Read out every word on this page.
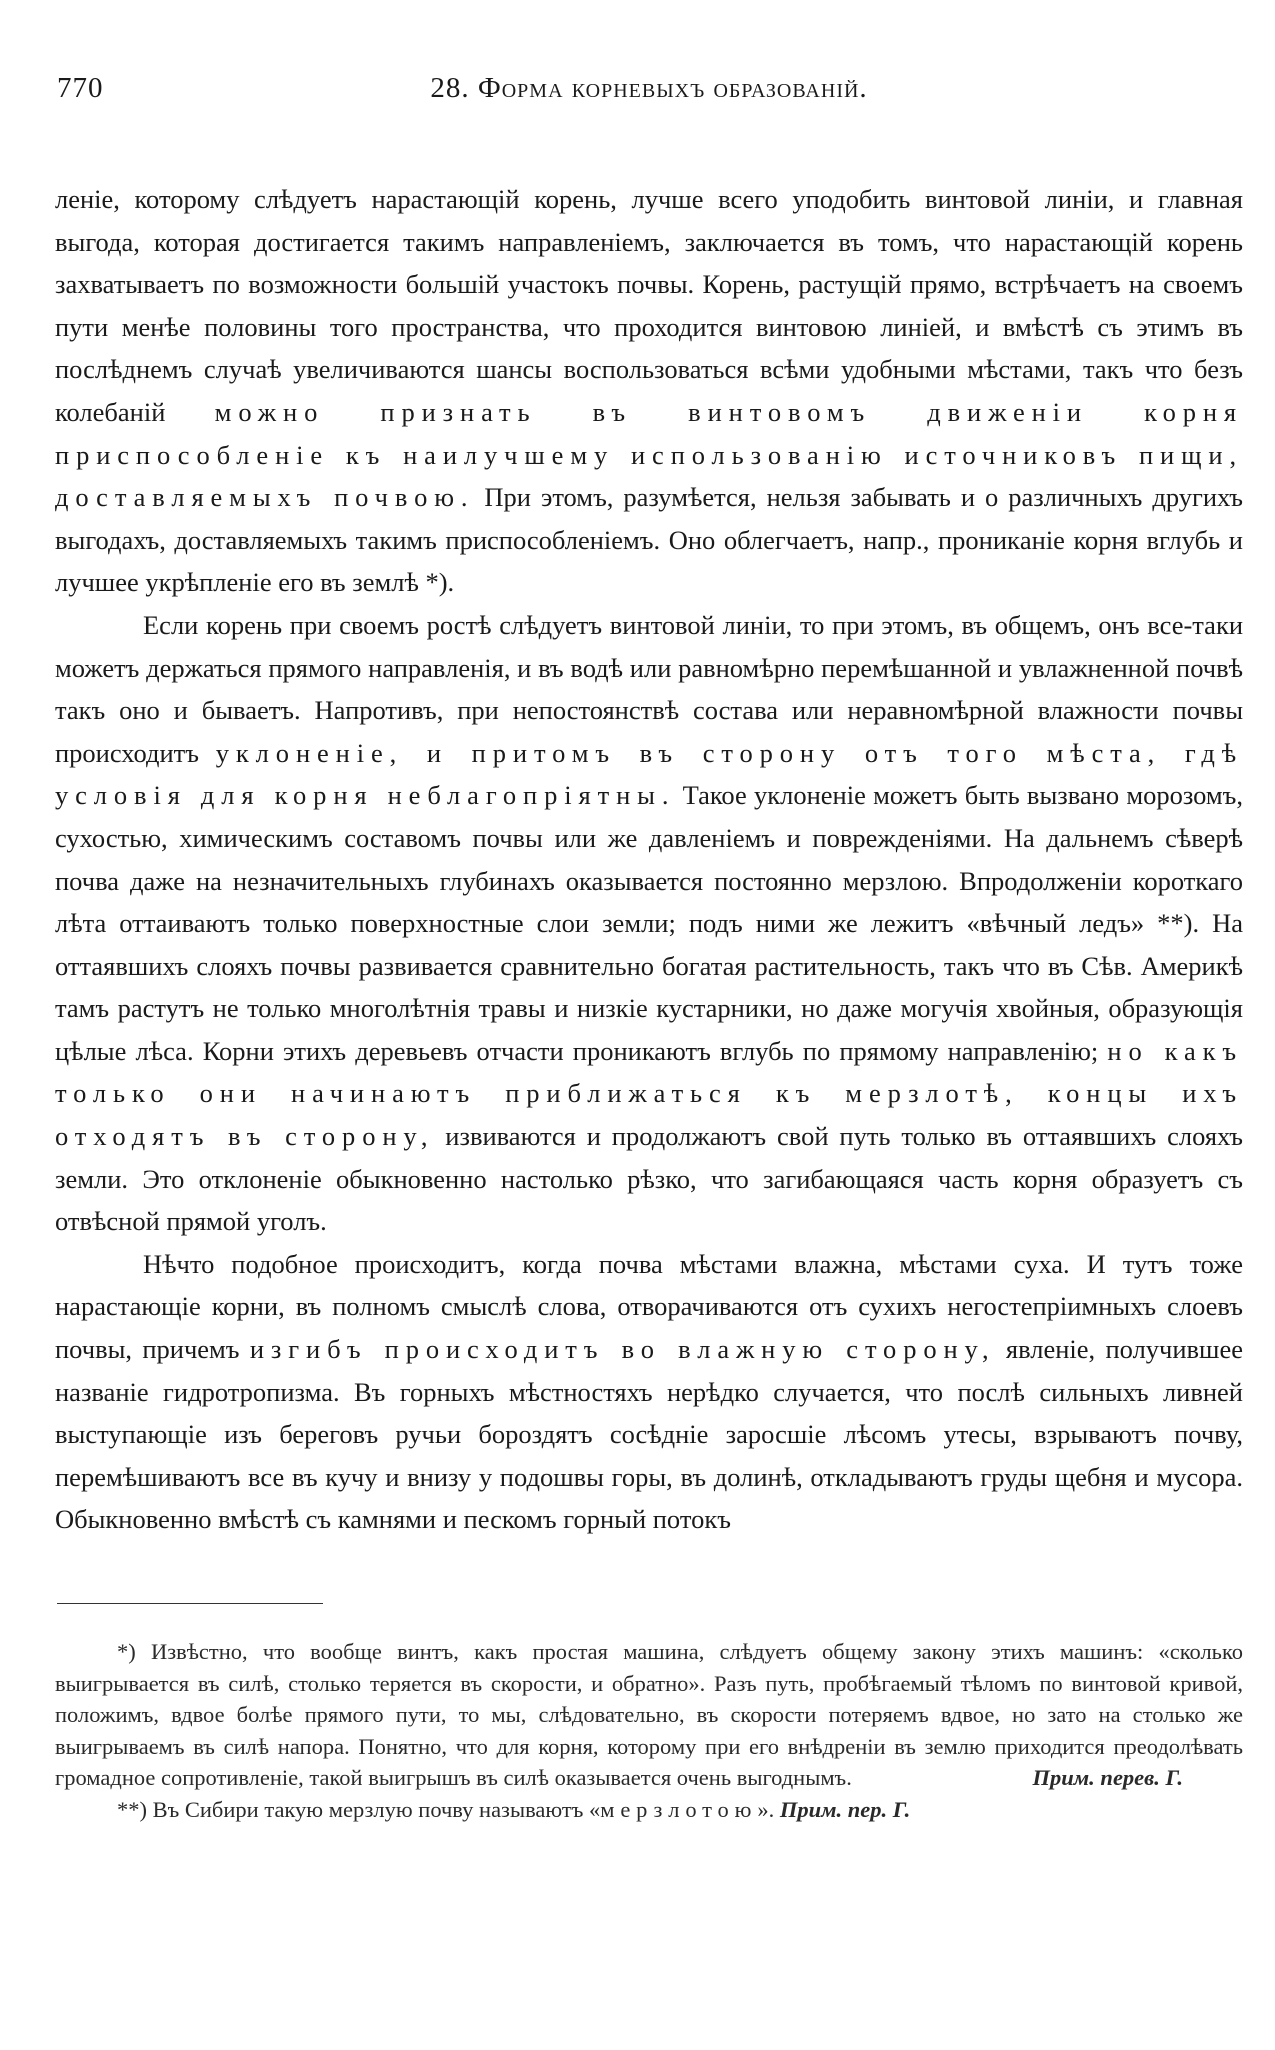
770	28. Форма корневыхъ образованій.

леніе, которому слѣдуетъ нарастающій корень, лучше всего уподобить винтовой линіи, и главная выгода, которая достигается такимъ направленіемъ, заключается въ томъ, что нарастающій корень захватываетъ по возможности большій участокъ почвы. Корень, растущій прямо, встрѣчаетъ на своемъ пути менѣе половины того пространства, что проходится винтовою линіей, и вмѣстѣ съ этимъ въ послѣднемъ случаѣ увеличиваются шансы воспользоваться всѣми удобными мѣстами, такъ что безъ колебаній можно признать въ винтовомъ движеніи корня приспособленіе къ наилучшему использованію источниковъ пищи, доставляемыхъ почвою. При этомъ, разумѣется, нельзя забывать и о различныхъ другихъ выгодахъ, доставляемыхъ такимъ приспособленіемъ. Оно облегчаетъ, напр., проникaніе корня вглубь и лучшее укрѣпленіе его въ землѣ *).

Если корень при своемъ ростѣ слѣдуетъ винтовой линіи, то при этомъ, въ общемъ, онъ все-таки можетъ держаться прямого направленія, и въ водѣ или равномѣрно перемѣшанной и увлажненной почвѣ такъ оно и бываетъ. Напротивъ, при непостоянствѣ состава или неравномѣрной влажности почвы происходитъ уклоненіе, и притомъ въ сторону отъ того мѣста, гдѣ условія для корня неблагопріятны. Такое уклоненіе можетъ быть вызвано морозомъ, сухостью, химическимъ составомъ почвы или же давленіемъ и поврежденіями. На дальнемъ сѣверѣ почва даже на незначительныхъ глубинахъ оказывается постоянно мерзлою. Впродолженіи короткаго лѣта оттаиваютъ только поверхностные слои земли; подъ ними же лежитъ «вѣчный ледъ» **). На оттаявшихъ слояхъ почвы развивается сравнительно богатая растительность, такъ что въ Сѣв. Америкѣ тамъ растутъ не только многолѣтнія травы и низкіе кустарники, но даже могучія хвойныя, образующія цѣлые лѣса. Корни этихъ деревьевъ отчасти проникаютъ вглубь по прямому направленію; но какъ только они начинаютъ приближаться къ мерзлотѣ, концы ихъ отходятъ въ сторону, извиваются и продолжаютъ свой путь только въ оттаявшихъ слояхъ земли. Это отклоненіе обыкновенно настолько рѣзко, что загибающаяся часть корня образуетъ съ отвѣсной прямой уголъ.

Нѣчто подобное происходитъ, когда почва мѣстами влажна, мѣстами суха. И тутъ тоже нарастающіе корни, въ полномъ смыслѣ слова, отворачиваются отъ сухихъ негостепріимныхъ слоевъ почвы, причемъ изгибъ происходитъ во влажную сторону, явленіе, получившее названіе гидротропизма. Въ горныхъ мѣстностяхъ нерѣдко случается, что послѣ сильныхъ ливней выступающіе изъ береговъ ручьи бороздятъ сосѣдніе заросшіе лѣсомъ утесы, взрываютъ почву, перемѣшиваютъ все въ кучу и внизу у подошвы горы, въ долинѣ, откладываютъ груды щебня и мусора. Обыкновенно вмѣстѣ съ камнями и пескомъ горный потокъ

*) Извѣстно, что вообще винтъ, какъ простая машина, слѣдуетъ общему закону этихъ машинъ: «сколько выигрывается въ силѣ, столько теряется въ скорости, и обратно». Разъ путь, пробѣгаемый тѣломъ по винтовой кривой, положимъ, вдвое болѣе прямого пути, то мы, слѣдовательно, въ скорости потеряемъ вдвое, но зато на столько же выигрываемъ въ силѣ напора. Понятно, что для корня, которому при его внѣдреніи въ землю приходится преодолѣвать громадное сопротивленіе, такой выигрышъ въ силѣ оказывается очень выгоднымъ.	Прим. перев. Г.

**) Въ Сибири такую мерзлую почву называютъ «мерзлотою». Прим. пер. Г.
